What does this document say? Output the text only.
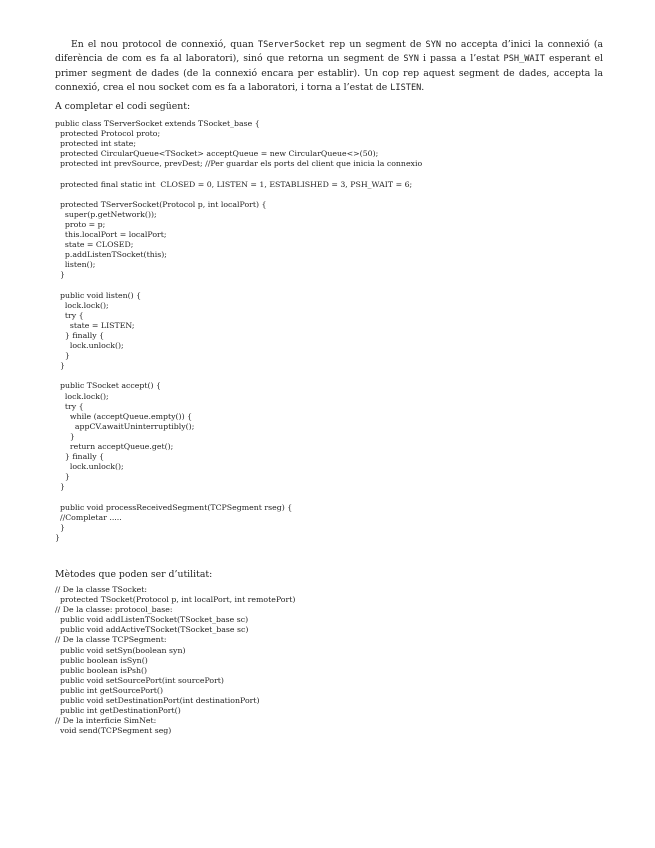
En el nou protocol de connexió, quan TServerSocket rep un segment de SYN no accepta d’inici la connexió (a diferència de com es fa al laboratori), sinó que retorna un segment de SYN i passa a l’estat PSH_WAIT esperant el primer segment de dades (de la connexió encara per establir). Un cop rep aquest segment de dades, accepta la connexió, crea el nou socket com es fa a laboratori, i torna a l’estat de LISTEN.

A completar el codi següent:
public class TServerSocket extends TSocket_base {
protected Protocol proto;
protected int state;
protected CircularQueue<TSocket> acceptQueue = new CircularQueue<>(50);
protected int prevSource, prevDest; //Per guardar els ports del client que inicia la connexio
protected final static int  CLOSED = 0, LISTEN = 1, ESTABLISHED = 3, PSH_WAIT = 6;
protected TServerSocket(Protocol p, int localPort) {
super(p.getNetwork());
proto = p;
this.localPort = localPort;
state = CLOSED;
p.addListenTSocket(this);
listen();
}
public void listen() {
lock.lock();
try {
state = LISTEN;
} finally {
lock.unlock();
}
}
public TSocket accept() {
lock.lock();
try {
while (acceptQueue.empty()) {
appCV.awaitUninterruptibly();
}
return acceptQueue.get();
} finally {
lock.unlock();
}
}
public void processReceivedSegment(TCPSegment rseg) {
//Completar .....
}
}
Mètodes que poden ser d’utilitat:
// De la classe TSocket:
protected TSocket(Protocol p, int localPort, int remotePort)
// De la classe: protocol_base:
public void addListenTSocket(TSocket_base sc)
public void addActiveTSocket(TSocket_base sc)
// De la classe TCPSegment:
public void setSyn(boolean syn)
public boolean isSyn()
public boolean isPsh()
public void setSourcePort(int sourcePort)
public int getSourcePort()
public void setDestinationPort(int destinationPort)
public int getDestinationPort()
// De la interficie SimNet:
void send(TCPSegment seg)
